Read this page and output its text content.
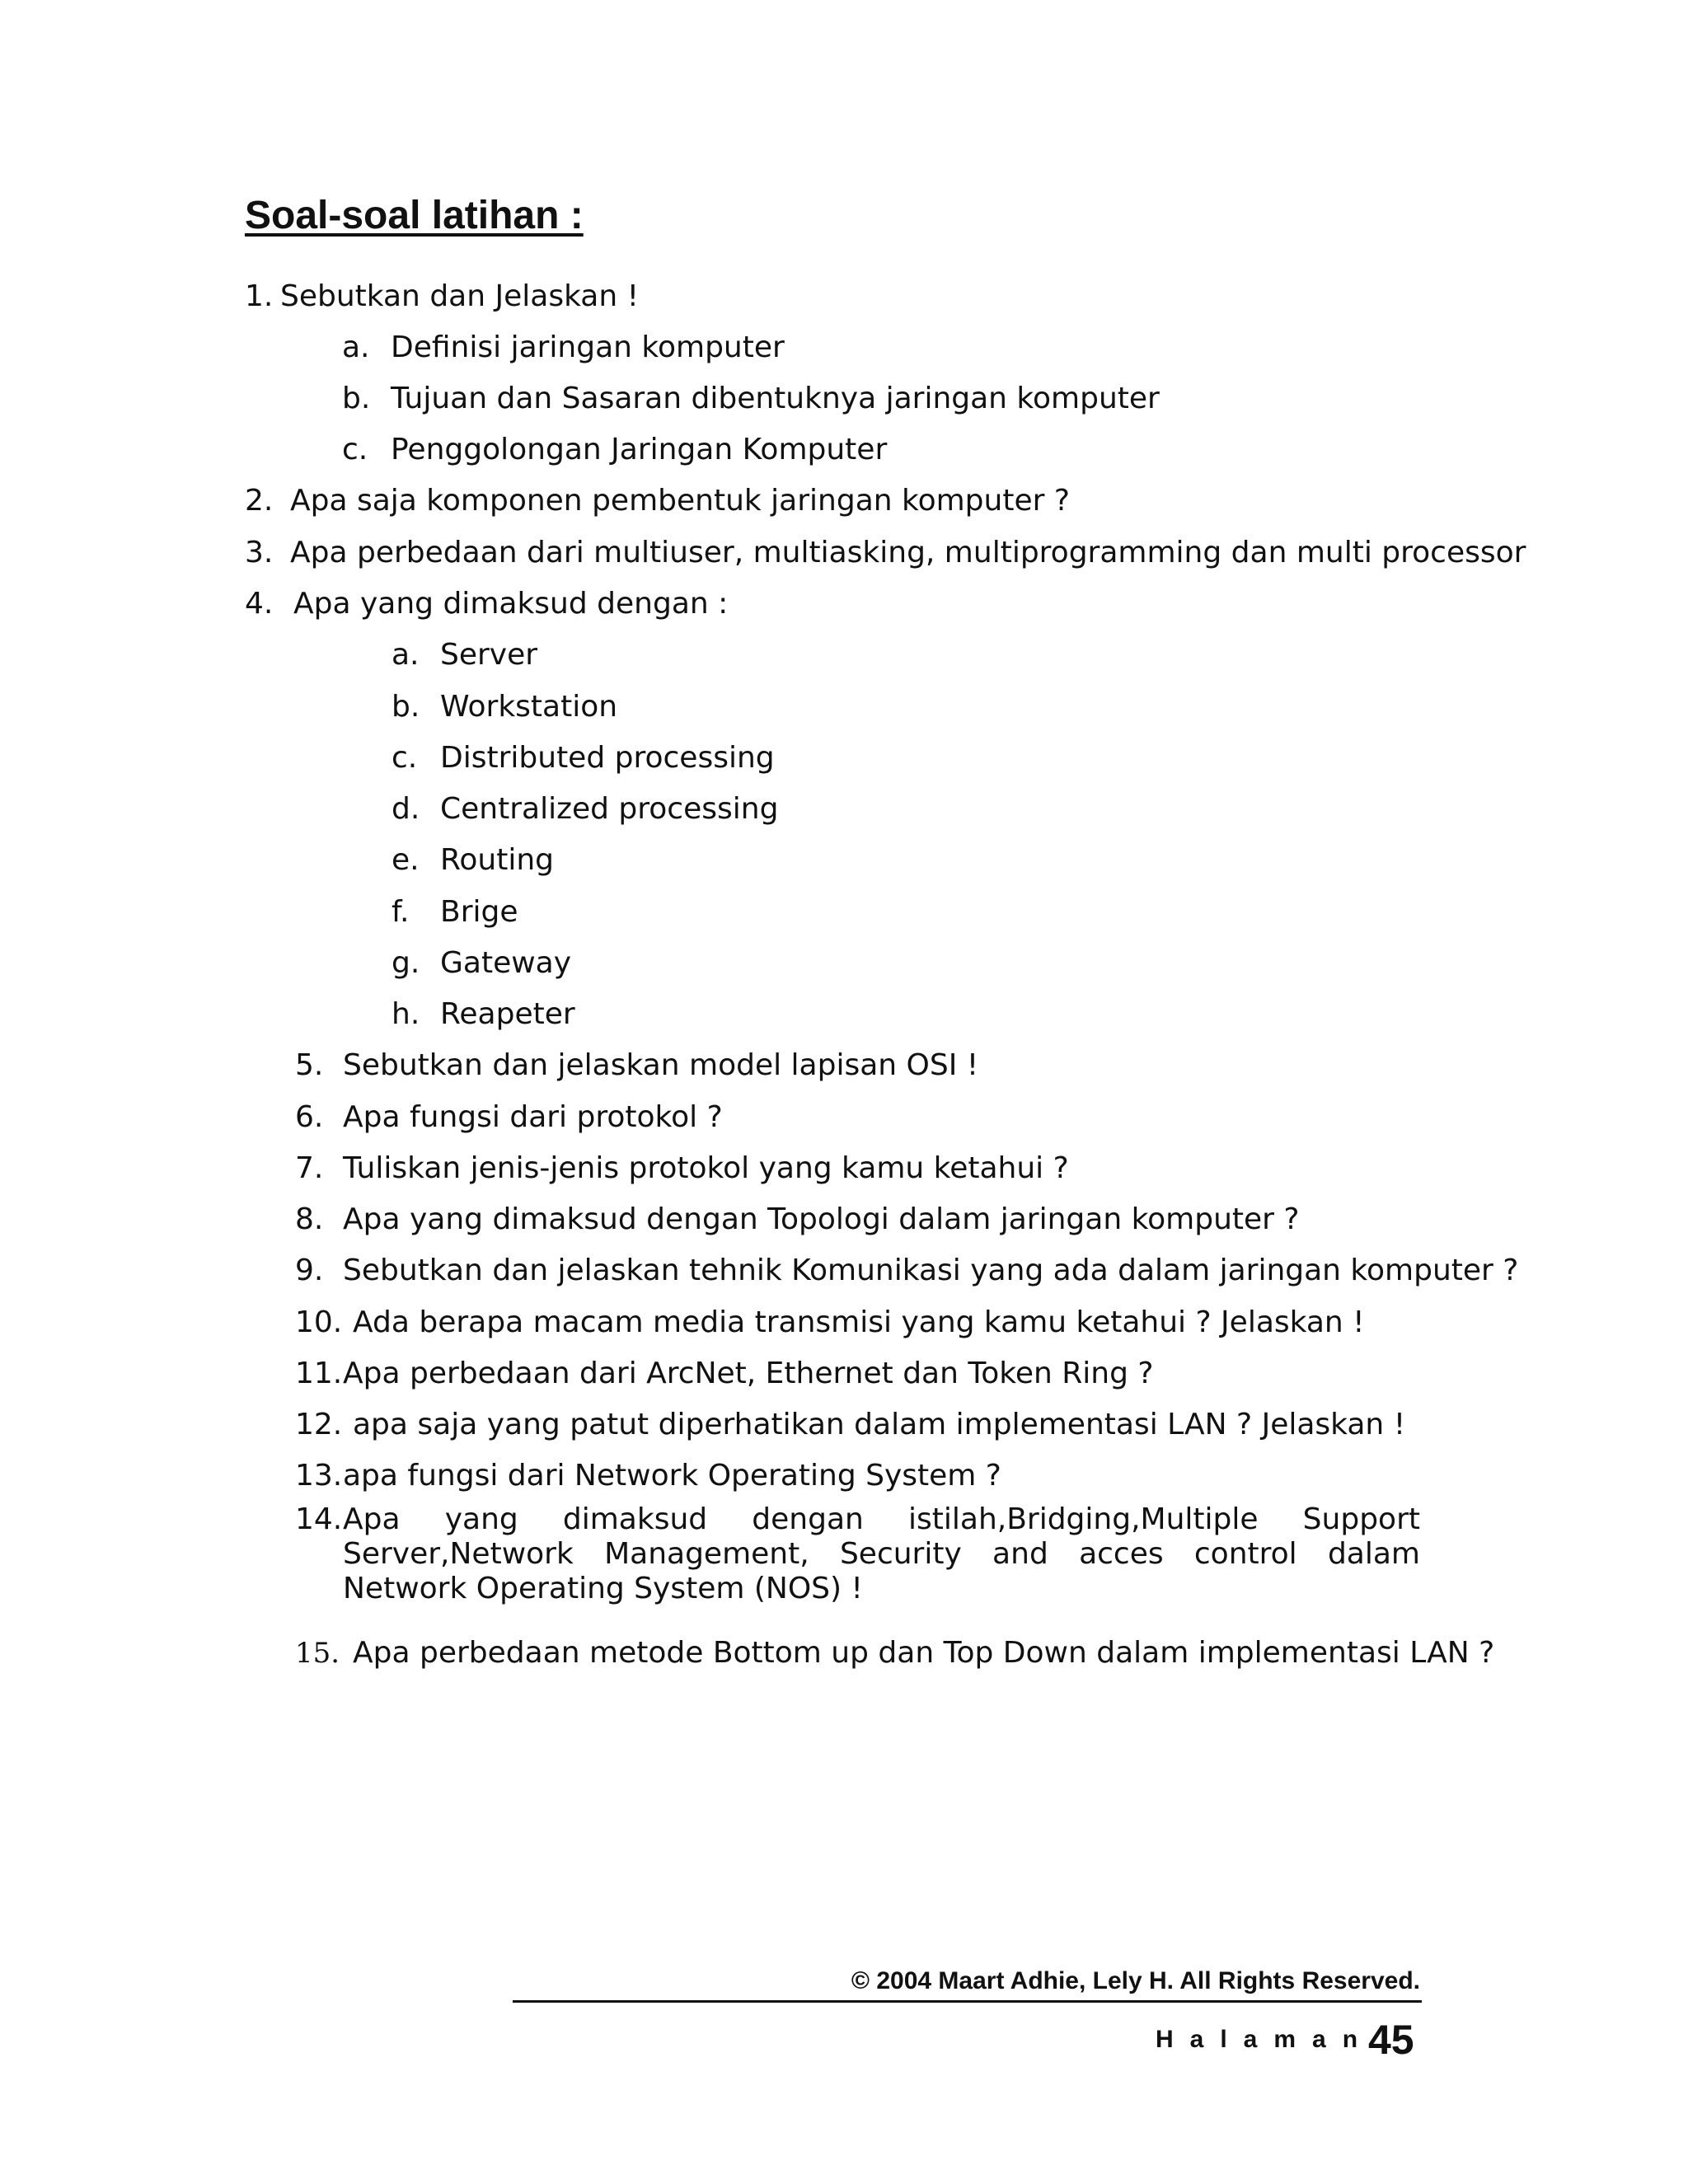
Soal-soal latihan :
1. Sebutkan dan Jelaskan !
a. Definisi jaringan komputer
b. Tujuan dan Sasaran dibentuknya jaringan komputer
c. Penggolongan Jaringan Komputer
2. Apa saja komponen pembentuk jaringan komputer ?
3. Apa perbedaan dari multiuser, multiasking, multiprogramming dan multi processor
4. Apa yang dimaksud dengan :
a. Server
b. Workstation
c. Distributed processing
d. Centralized processing
e. Routing
f. Brige
g. Gateway
h. Reapeter
5. Sebutkan dan jelaskan model lapisan OSI !
6. Apa fungsi dari protokol ?
7. Tuliskan jenis-jenis protokol yang kamu ketahui ?
8. Apa yang dimaksud dengan Topologi dalam jaringan komputer ?
9. Sebutkan dan jelaskan tehnik Komunikasi yang ada dalam jaringan komputer ?
10. Ada berapa macam media transmisi yang kamu ketahui ? Jelaskan !
11. Apa perbedaan dari ArcNet, Ethernet dan Token Ring ?
12. apa saja yang patut diperhatikan dalam implementasi LAN ? Jelaskan !
13. apa fungsi dari Network Operating System ?
14. Apa yang dimaksud dengan istilah,Bridging,Multiple Support Server,Network Management, Security and acces control dalam Network Operating System (NOS) !
15. Apa perbedaan metode Bottom up dan Top Down dalam implementasi LAN ?
© 2004 Maart Adhie, Lely H. All Rights Reserved.
Halaman
45
